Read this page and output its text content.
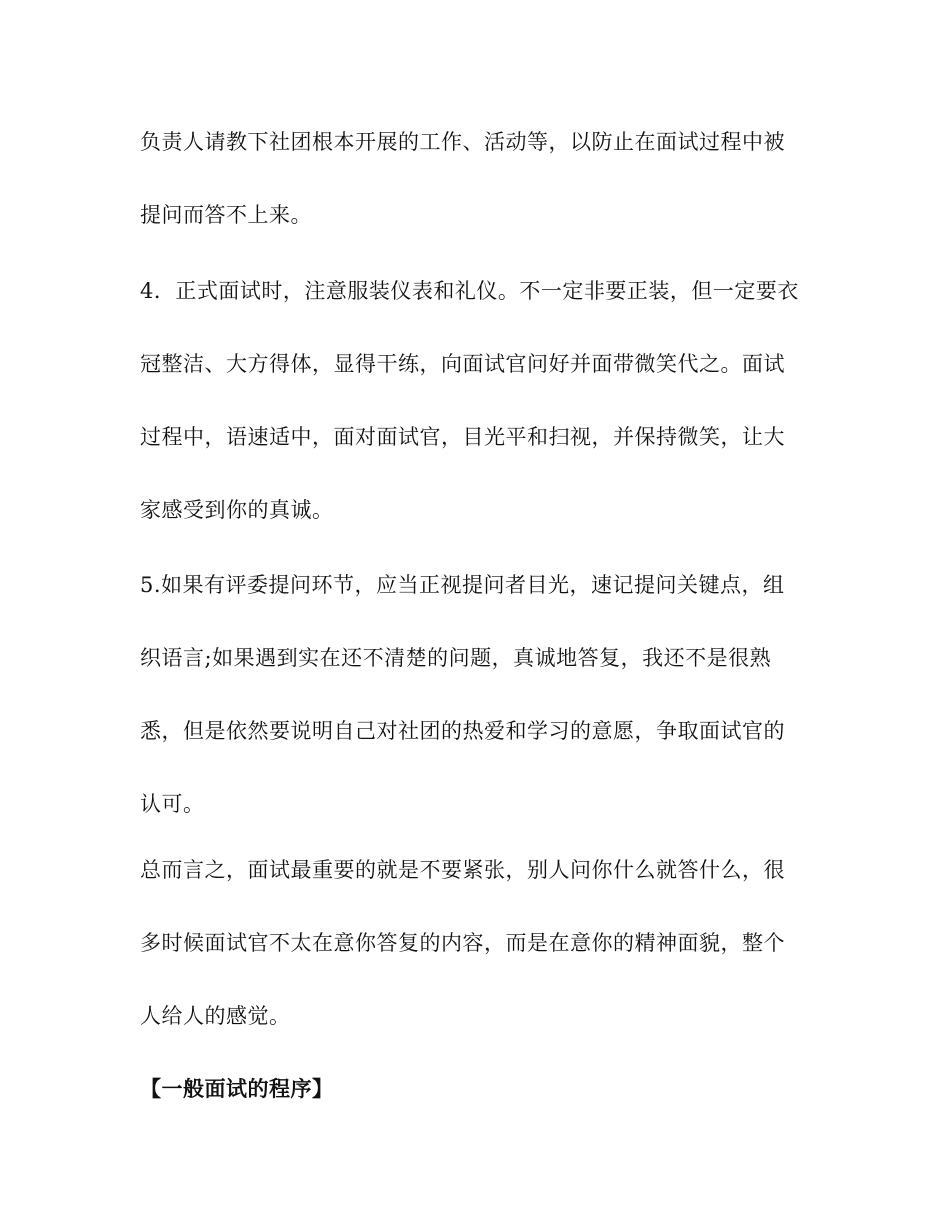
负责人请教下社团根本开展的工作、活动等，以防止在面试过程中被
提问而答不上来。
4．正式面试时，注意服装仪表和礼仪。不一定非要正装，但一定要衣
冠整洁、大方得体，显得干练，向面试官问好并面带微笑代之。面试
过程中，语速适中，面对面试官，目光平和扫视，并保持微笑，让大
家感受到你的真诚。
5.如果有评委提问环节，应当正视提问者目光，速记提问关键点，组
织语言;如果遇到实在还不清楚的问题，真诚地答复，我还不是很熟
悉，但是依然要说明自己对社团的热爱和学习的意愿，争取面试官的
认可。
总而言之，面试最重要的就是不要紧张，别人问你什么就答什么，很
多时候面试官不太在意你答复的内容，而是在意你的精神面貌，整个
人给人的感觉。
【一般面试的程序】
